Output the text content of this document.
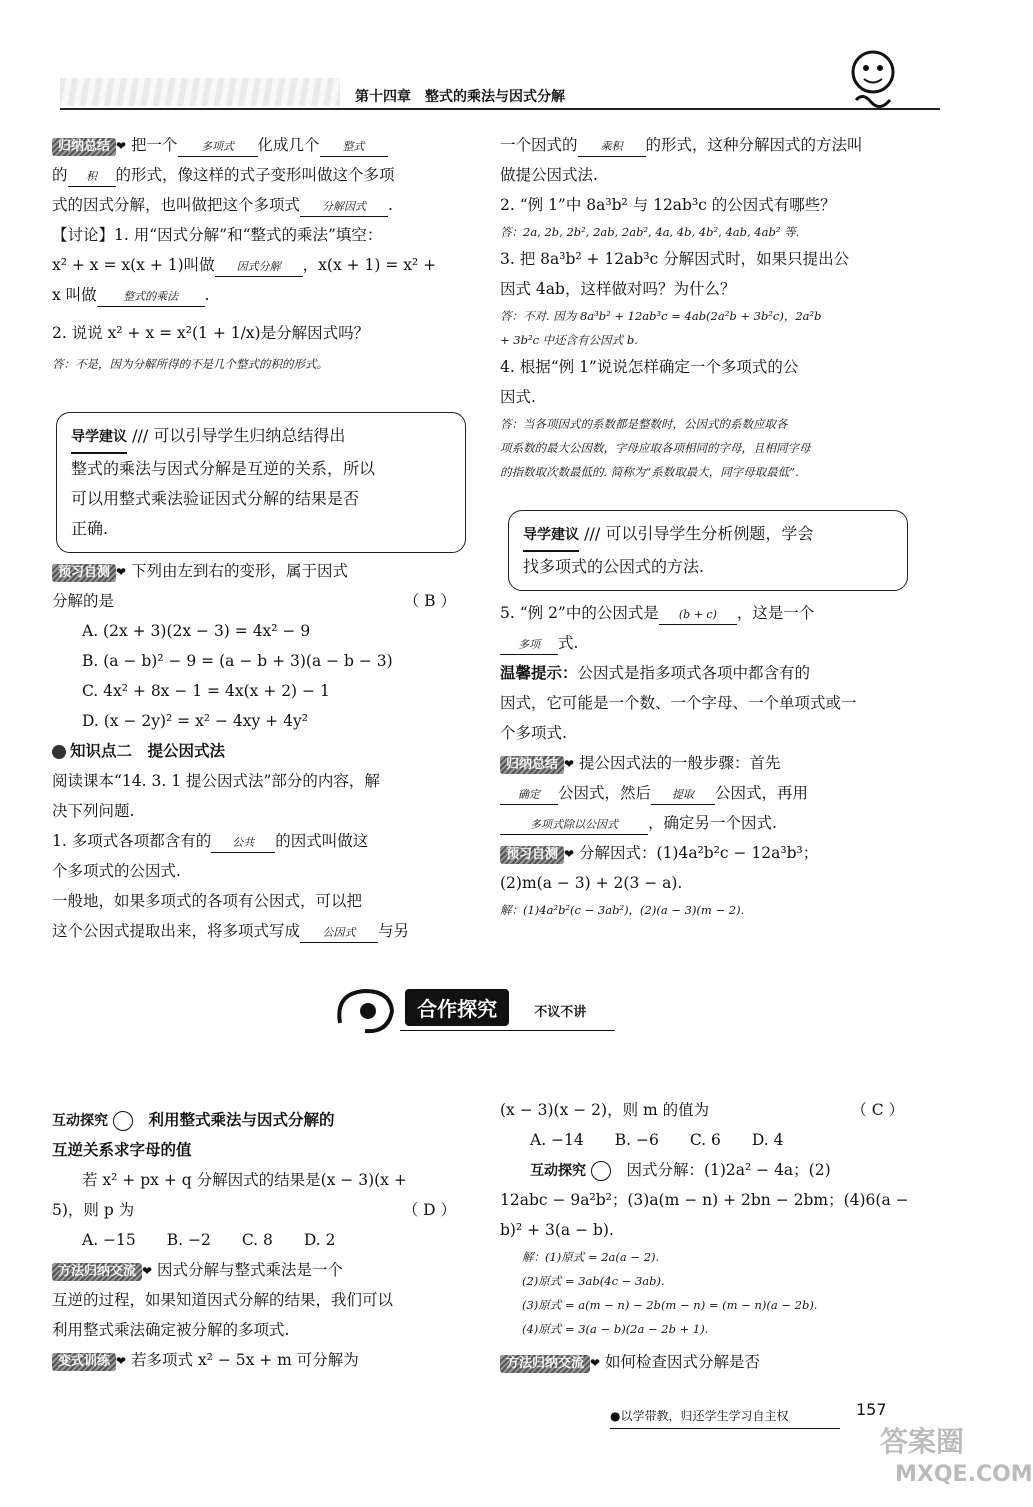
第十四章　整式的乘法与因式分解
归纳总结 ❤ 把一个 多项式 化成几个 整式
的 积 的形式，像这样的式子变形叫做这个多项
式的因式分解，也叫做把这个多项式 分解因式 .
【讨论】1. 用“因式分解”和“整式的乘法”填空：
x² + x = x(x + 1)叫做 因式分解 ，x(x + 1) = x² +
x 叫做 整式的乘法 .
2. 说说 x² + x = x²(1 + 1/x)是分解因式吗？
答：不是，因为分解所得的不是几个整式的积的形式。
导学建议 /// 可以引导学生归纳总结得出
整式的乘法与因式分解是互逆的关系，所以
可以用整式乘法验证因式分解的结果是否
正确.
预习自测 ❤ 下列由左到右的变形，属于因式
分解的是	（ B ）
A. (2x + 3)(2x − 3) = 4x² − 9
B. (a − b)² − 9 = (a − b + 3)(a − b − 3)
C. 4x² + 8x − 1 = 4x(x + 2) − 1
D. (x − 2y)² = x² − 4xy + 4y²
知识点二　提公因式法
阅读课本“14. 3. 1 提公因式法”部分的内容，解
决下列问题.
1. 多项式各项都含有的 公共 的因式叫做这
个多项式的公因式.
一般地，如果多项式的各项有公因式，可以把
这个公因式提取出来，将多项式写成 公因式 与另
一个因式的 乘积 的形式，这种分解因式的方法叫
做提公因式法.
2. “例 1”中 8a³b² 与 12ab³c 的公因式有哪些？
答：2a, 2b, 2b², 2ab, 2ab², 4a, 4b, 4b², 4ab, 4ab² 等.
3. 把 8a³b² + 12ab³c 分解因式时，如果只提出公
因式 4ab，这样做对吗？为什么？
答：不对. 因为 8a³b² + 12ab³c = 4ab(2a²b + 3b²c)，2a²b
+ 3b²c 中还含有公因式 b.
4. 根据“例 1”说说怎样确定一个多项式的公
因式.
答：当各项因式的系数都是整数时，公因式的系数应取各
项系数的最大公因数，字母应取各项相同的字母，且相同字母
的指数取次数最低的. 简称为“系数取最大，同字母取最低”.
导学建议 /// 可以引导学生分析例题，学会
找多项式的公因式的方法.
5. “例 2”中的公因式是 (b + c) ，这是一个
多项 式.
温馨提示：公因式是指多项式各项中都含有的
因式，它可能是一个数、一个字母、一个单项式或一
个多项式.
归纳总结 ❤ 提公因式法的一般步骤：首先
确定 公因式，然后 提取 公因式，再用
多项式除以公因式 ，确定另一个因式.
预习自测 ❤ 分解因式：(1)4a²b²c − 12a³b³；
(2)m(a − 3) + 2(3 − a).
解：(1)4a²b²(c − 3ab²)，(2)(a − 3)(m − 2).
合作探究	不议不讲
互动探究 　	利用整式乘法与因式分解的
互逆关系求字母的值
若 x² + px + q 分解因式的结果是(x − 3)(x +
5)，则 p 为	（ D ）
A. −15　　B. −2　　C. 8　　D. 2
方法归纳交流 ❤ 因式分解与整式乘法是一个
互逆的过程，如果知道因式分解的结果，我们可以
利用整式乘法确定被分解的多项式.
变式训练 ❤ 若多项式 x² − 5x + m 可分解为
(x − 3)(x − 2)，则 m 的值为	（ C ）
A. −14　　B. −6　　C. 6　　D. 4
互动探究 　	因式分解：(1)2a² − 4a；(2)
12abc − 9a²b²；(3)a(m − n) + 2bn − 2bm；(4)6(a −
b)² + 3(a − b).
解：(1)原式 = 2a(a − 2).
(2)原式 = 3ab(4c − 3ab).
(3)原式 = a(m − n) − 2b(m − n) = (m − n)(a − 2b).
(4)原式 = 3(a − b)(2a − 2b + 1).
方法归纳交流 ❤ 如何检查因式分解是否
●以学带教，归还学生学习自主权	157
答案圈
MXQE.COM
